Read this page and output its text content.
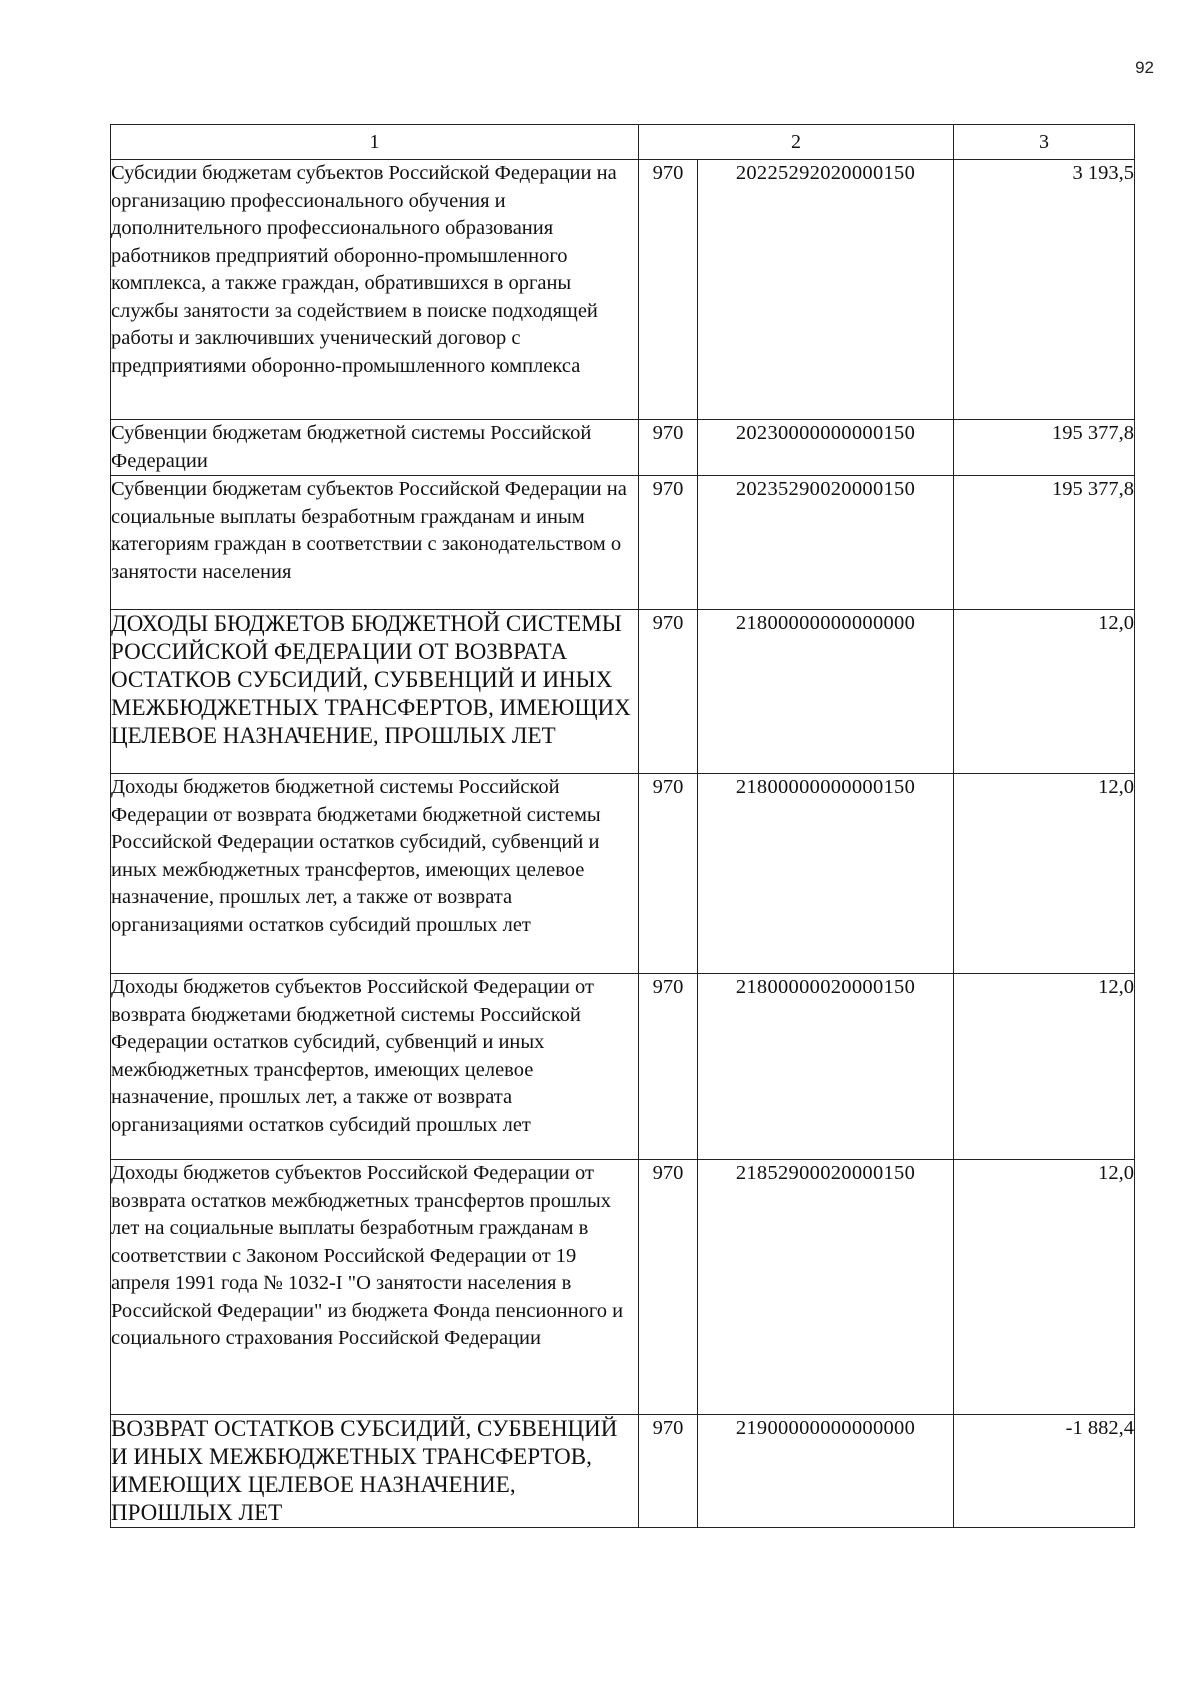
92
1	2		3
Субсидии бюджетам субъектов Российской Федерации на организацию профессионального обучения и дополнительного профессионального образования работников предприятий оборонно-промышленного комплекса, а также граждан, обратившихся в органы службы занятости за содействием в поиске подходящей работы и заключивших ученический договор с предприятиями оборонно-промышленного комплекса	970	20225292020000150	3 193,5
Субвенции бюджетам бюджетной системы Российской Федерации	970	20230000000000150	195 377,8
Субвенции бюджетам субъектов Российской Федерации на социальные выплаты безработным гражданам и иным категориям граждан в соответствии с законодательством о занятости населения	970	20235290020000150	195 377,8
ДОХОДЫ БЮДЖЕТОВ БЮДЖЕТНОЙ СИСТЕМЫ РОССИЙСКОЙ ФЕДЕРАЦИИ ОТ ВОЗВРАТА ОСТАТКОВ СУБСИДИЙ, СУБВЕНЦИЙ И ИНЫХ МЕЖБЮДЖЕТНЫХ ТРАНСФЕРТОВ, ИМЕЮЩИХ ЦЕЛЕВОЕ НАЗНАЧЕНИЕ, ПРОШЛЫХ ЛЕТ	970	21800000000000000	12,0
Доходы бюджетов бюджетной системы Российской Федерации от возврата бюджетами бюджетной системы Российской Федерации остатков субсидий, субвенций и иных межбюджетных трансфертов, имеющих целевое назначение, прошлых лет, а также от возврата организациями остатков субсидий прошлых лет	970	21800000000000150	12,0
Доходы бюджетов субъектов Российской Федерации от возврата бюджетами бюджетной системы Российской Федерации остатков субсидий, субвенций и иных межбюджетных трансфертов, имеющих целевое назначение, прошлых лет, а также от возврата организациями остатков субсидий прошлых лет	970	21800000020000150	12,0
Доходы бюджетов субъектов Российской Федерации от возврата остатков межбюджетных трансфертов прошлых лет на социальные выплаты безработным гражданам в соответствии с Законом Российской Федерации от 19 апреля 1991 года № 1032-I "О занятости населения в Российской Федерации" из бюджета Фонда пенсионного и социального страхования Российской Федерации	970	21852900020000150	12,0
ВОЗВРАТ ОСТАТКОВ СУБСИДИЙ, СУБВЕНЦИЙ И ИНЫХ МЕЖБЮДЖЕТНЫХ ТРАНСФЕРТОВ, ИМЕЮЩИХ ЦЕЛЕВОЕ НАЗНАЧЕНИЕ, ПРОШЛЫХ ЛЕТ	970	21900000000000000	-1 882,4
